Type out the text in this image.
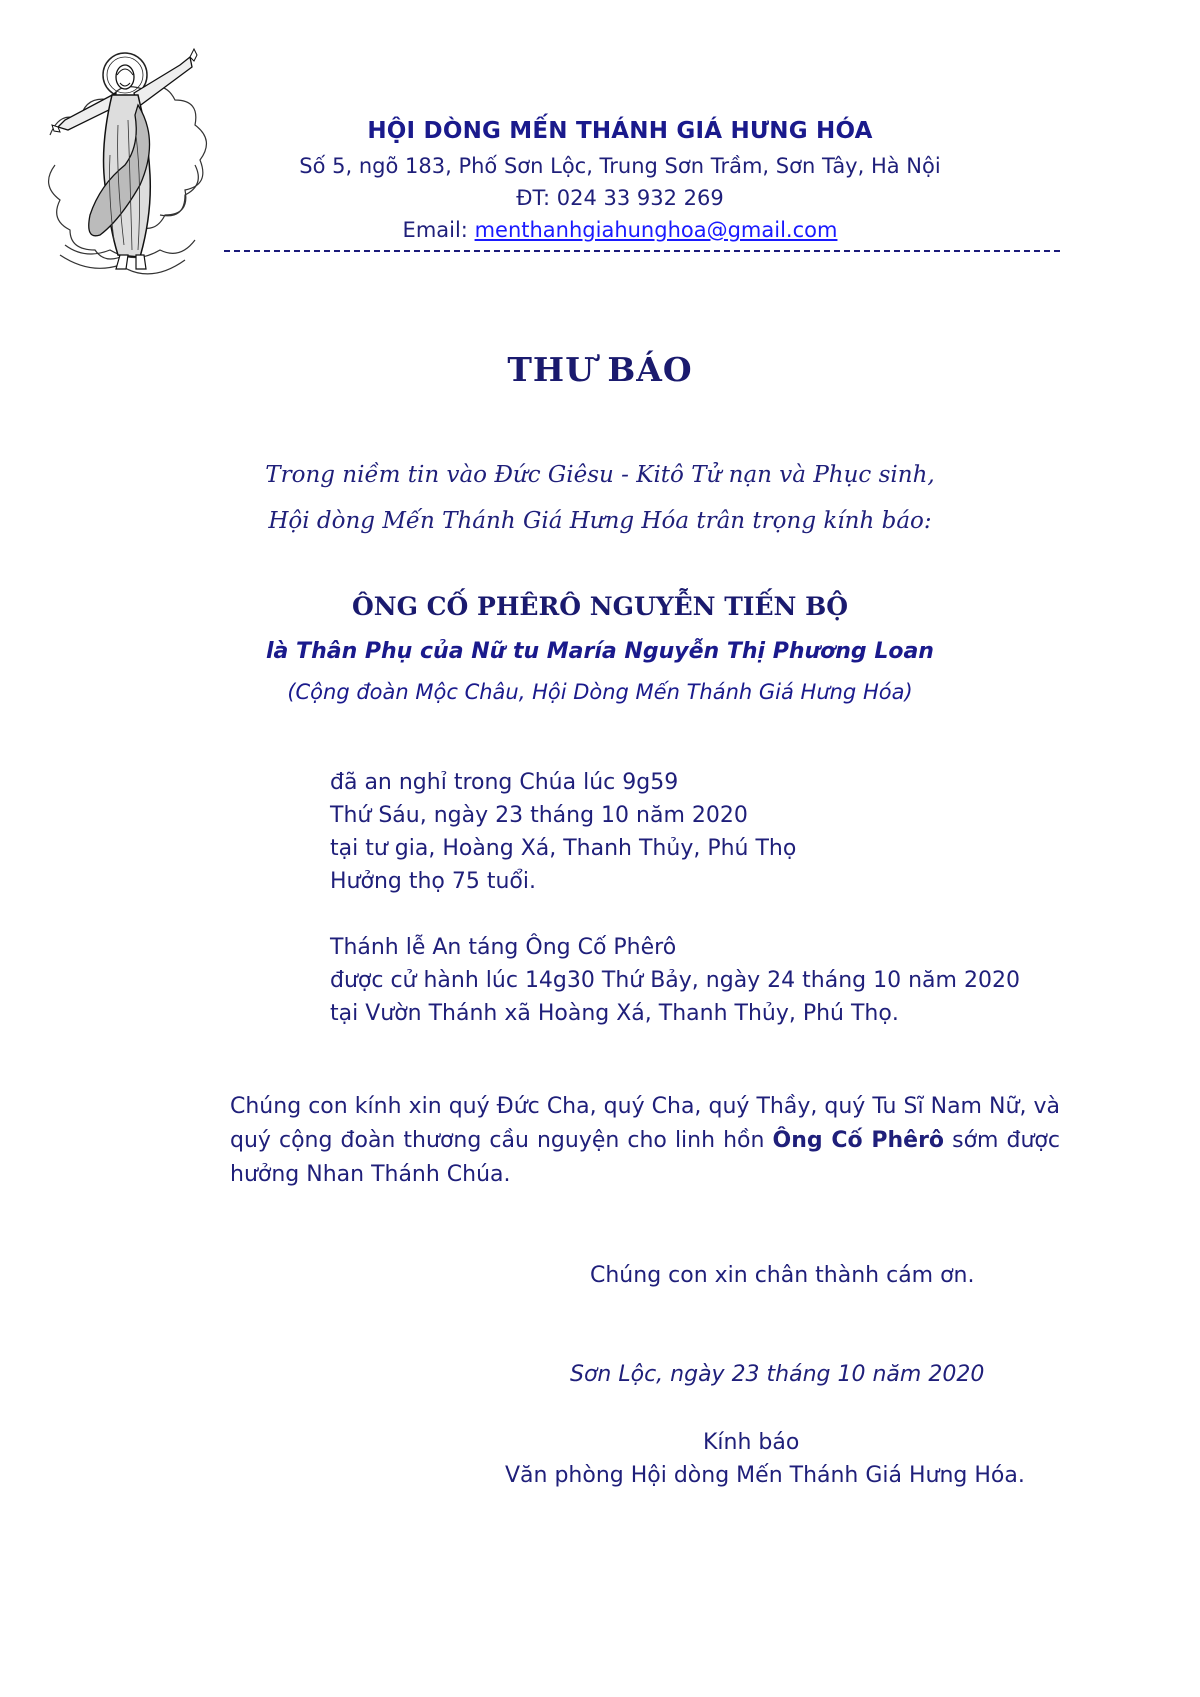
HỘI DÒNG MẾN THÁNH GIÁ HƯNG HÓA
Số 5, ngõ 183, Phố Sơn Lộc, Trung Sơn Trầm, Sơn Tây, Hà Nội
ĐT: 024 33 932 269
Email: menthanhgiahunghoa@gmail.com
THƯ BÁO
Trong niềm tin vào Đức Giêsu - Kitô Tử nạn và Phục sinh,
Hội dòng Mến Thánh Giá Hưng Hóa trân trọng kính báo:
ÔNG CỐ PHÊRÔ NGUYỄN TIẾN BỘ
là Thân Phụ của Nữ tu María Nguyễn Thị Phương Loan
(Cộng đoàn Mộc Châu, Hội Dòng Mến Thánh Giá Hưng Hóa)
đã an nghỉ trong Chúa lúc 9g59
Thứ Sáu, ngày 23 tháng 10 năm 2020
tại tư gia, Hoàng Xá, Thanh Thủy, Phú Thọ
Hưởng thọ 75 tuổi.
Thánh lễ An táng Ông Cố Phêrô
được cử hành lúc 14g30 Thứ Bảy, ngày 24 tháng 10 năm 2020
tại Vườn Thánh xã Hoàng Xá, Thanh Thủy, Phú Thọ.
Chúng con kính xin quý Đức Cha, quý Cha, quý Thầy, quý Tu Sĩ Nam Nữ, và quý cộng đoàn thương cầu nguyện cho linh hồn Ông Cố Phêrô sớm được hưởng Nhan Thánh Chúa.
Chúng con xin chân thành cám ơn.
Sơn Lộc, ngày 23 tháng 10 năm 2020
Kính báo
Văn phòng Hội dòng Mến Thánh Giá Hưng Hóa.
